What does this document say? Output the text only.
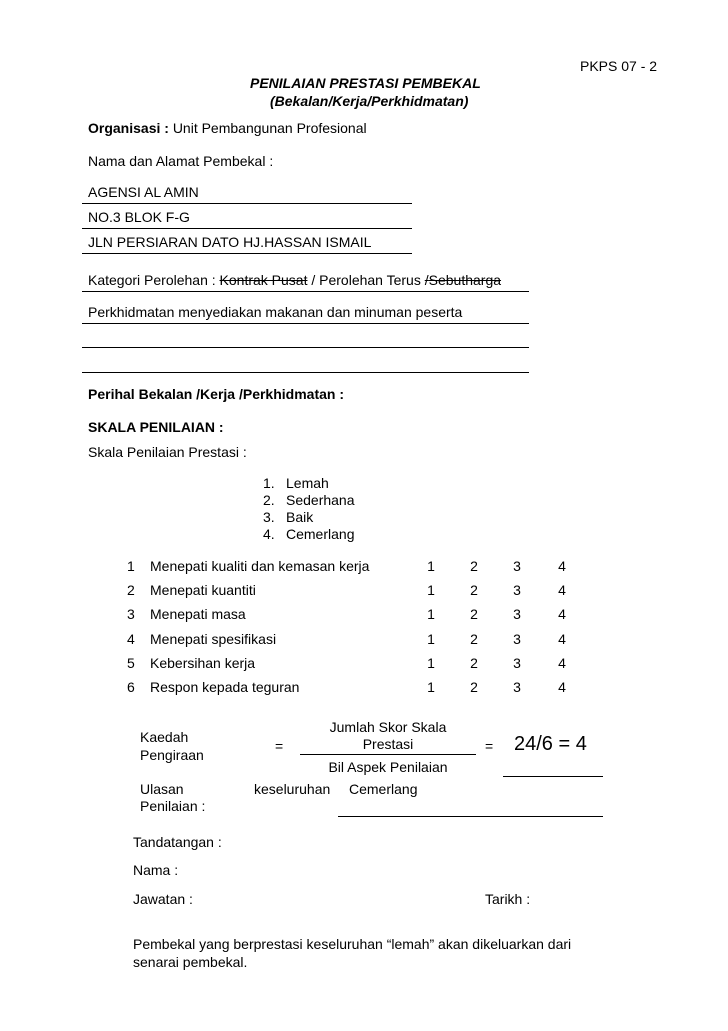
PKPS 07 - 2
PENILAIAN PRESTASI PEMBEKAL
(Bekalan/Kerja/Perkhidmatan)
Organisasi : Unit Pembangunan Profesional
Nama dan Alamat Pembekal :
AGENSI AL AMIN
NO.3 BLOK F-G
JLN PERSIARAN DATO HJ.HASSAN ISMAIL
Kategori Perolehan : Kontrak Pusat / Perolehan Terus /Sebutharga
Perkhidmatan menyediakan makanan dan minuman peserta
Perihal Bekalan /Kerja /Perkhidmatan :
SKALA PENILAIAN :
Skala Penilaian Prestasi :
1. Lemah
2. Sederhana
3. Baik
4. Cemerlang
1 Menepati kualiti dan kemasan kerja	1	2	3	4
2 Menepati kuantiti	1	2	3	4
3 Menepati masa	1	2	3	4
4 Menepati spesifikasi	1	2	3	4
5 Kebersihan kerja	1	2	3	4
6 Respon kepada teguran	1	2	3	4
Kaedah
Pengiraan
=
Jumlah Skor Skala
Prestasi
Bil Aspek Penilaian
= 24/6 = 4
Ulasan
Penilaian :
keseluruhan Cemerlang
Tandatangan :
Nama :
Jawatan :	Tarikh :
Pembekal yang berprestasi keseluruhan “lemah” akan dikeluarkan dari
senarai pembekal.
